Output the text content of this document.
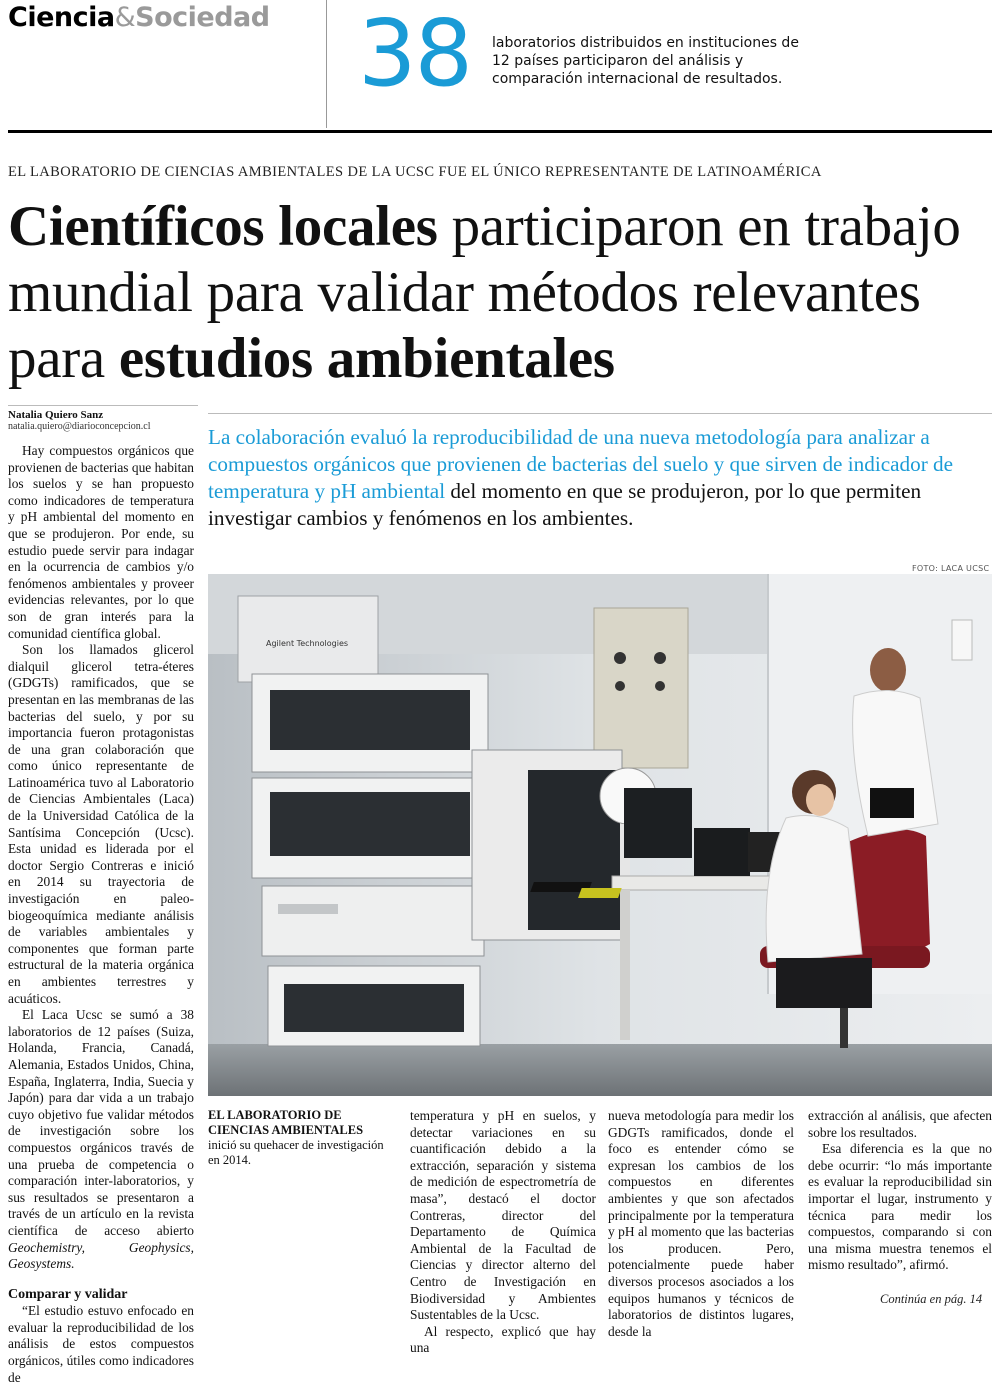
Ciencia&Sociedad 38 laboratorios distribuidos en instituciones de 12 países participaron del análisis y comparación internacional de resultados.
EL LABORATORIO DE CIENCIAS AMBIENTALES DE LA UCSC FUE EL ÚNICO REPRESENTANTE DE LATINOAMÉRICA
Científicos locales participaron en trabajo mundial para validar métodos relevantes para estudios ambientales
Natalia Quiero Sanz
natalia.quiero@diarioconcepcion.cl

Hay compuestos orgánicos que provienen de bacterias que habitan los suelos y se han propuesto como indicadores de temperatura y pH ambiental del momento en que se produjeron. Por ende, su estudio puede servir para indagar en la ocurrencia de cambios y/o fenómenos ambientales y proveer evidencias relevantes, por lo que son de gran interés para la comunidad científica global.

Son los llamados glicerol dialquil glicerol tetra-éteres (GDGTs) ramificados, que se presentan en las membranas de las bacterias del suelo, y por su importancia fueron protagonistas de una gran colaboración que como único representante de Latinoamérica tuvo al Laboratorio de Ciencias Ambientales (Laca) de la Universidad Católica de la Santísima Concepción (Ucsc). Esta unidad es liderada por el doctor Sergio Contreras e inició en 2014 su trayectoria de investigación en paleo-biogeoquímica mediante análisis de variables ambientales y componentes que forman parte estructural de la materia orgánica en ambientes terrestres y acuáticos.

El Laca Ucsc se sumó a 38 laboratorios de 12 países (Suiza, Holanda, Francia, Canadá, Alemania, Estados Unidos, China, España, Inglaterra, India, Suecia y Japón) para dar vida a un trabajo cuyo objetivo fue validar métodos de investigación sobre los compuestos orgánicos través de una prueba de competencia o comparación inter-laboratorios, y sus resultados se presentaron a través de un artículo en la revista científica de acceso abierto Geochemistry, Geophysics, Geosystems.

Comparar y validar

“El estudio estuvo enfocado en evaluar la reproducibilidad de los análisis de estos compuestos orgánicos, útiles como indicadores de

La colaboración evaluó la reproducibilidad de una nueva metodología para analizar a compuestos orgánicos que provienen de bacterias del suelo y que sirven de indicador de temperatura y pH ambiental del momento en que se produjeron, por lo que permiten investigar cambios y fenómenos en los ambientes.
FOTO: LACA UCSC
Agilent Technologies
EL LABORATORIO DE CIENCIAS AMBIENTALES
inició su quehacer de investigación en 2014.

temperatura y pH en suelos, y detectar variaciones en su cuantificación debido a la extracción, separación y sistema de medición de espectrometría de masa”, destacó el doctor Contreras, director del Departamento de Química Ambiental de la Facultad de Ciencias y director alterno del Centro de Investigación en Biodiversidad y Ambientes Sustentables de la Ucsc.

Al respecto, explicó que hay una

nueva metodología para medir los GDGTs ramificados, donde el foco es entender cómo se expresan los cambios de los compuestos en diferentes ambientes y que son afectados principalmente por la temperatura y pH al momento que las bacterias los producen. Pero, potencialmente puede haber diversos procesos asociados a los equipos humanos y técnicos de laboratorios de distintos lugares, desde la

extracción al análisis, que afecten sobre los resultados.

Esa diferencia es la que no debe ocurrir: “lo más importante es evaluar la reproducibilidad sin importar el lugar, instrumento y técnica para medir los compuestos, comparando si con una misma muestra tenemos el mismo resultado”, afirmó.

Continúa en pág. 14
